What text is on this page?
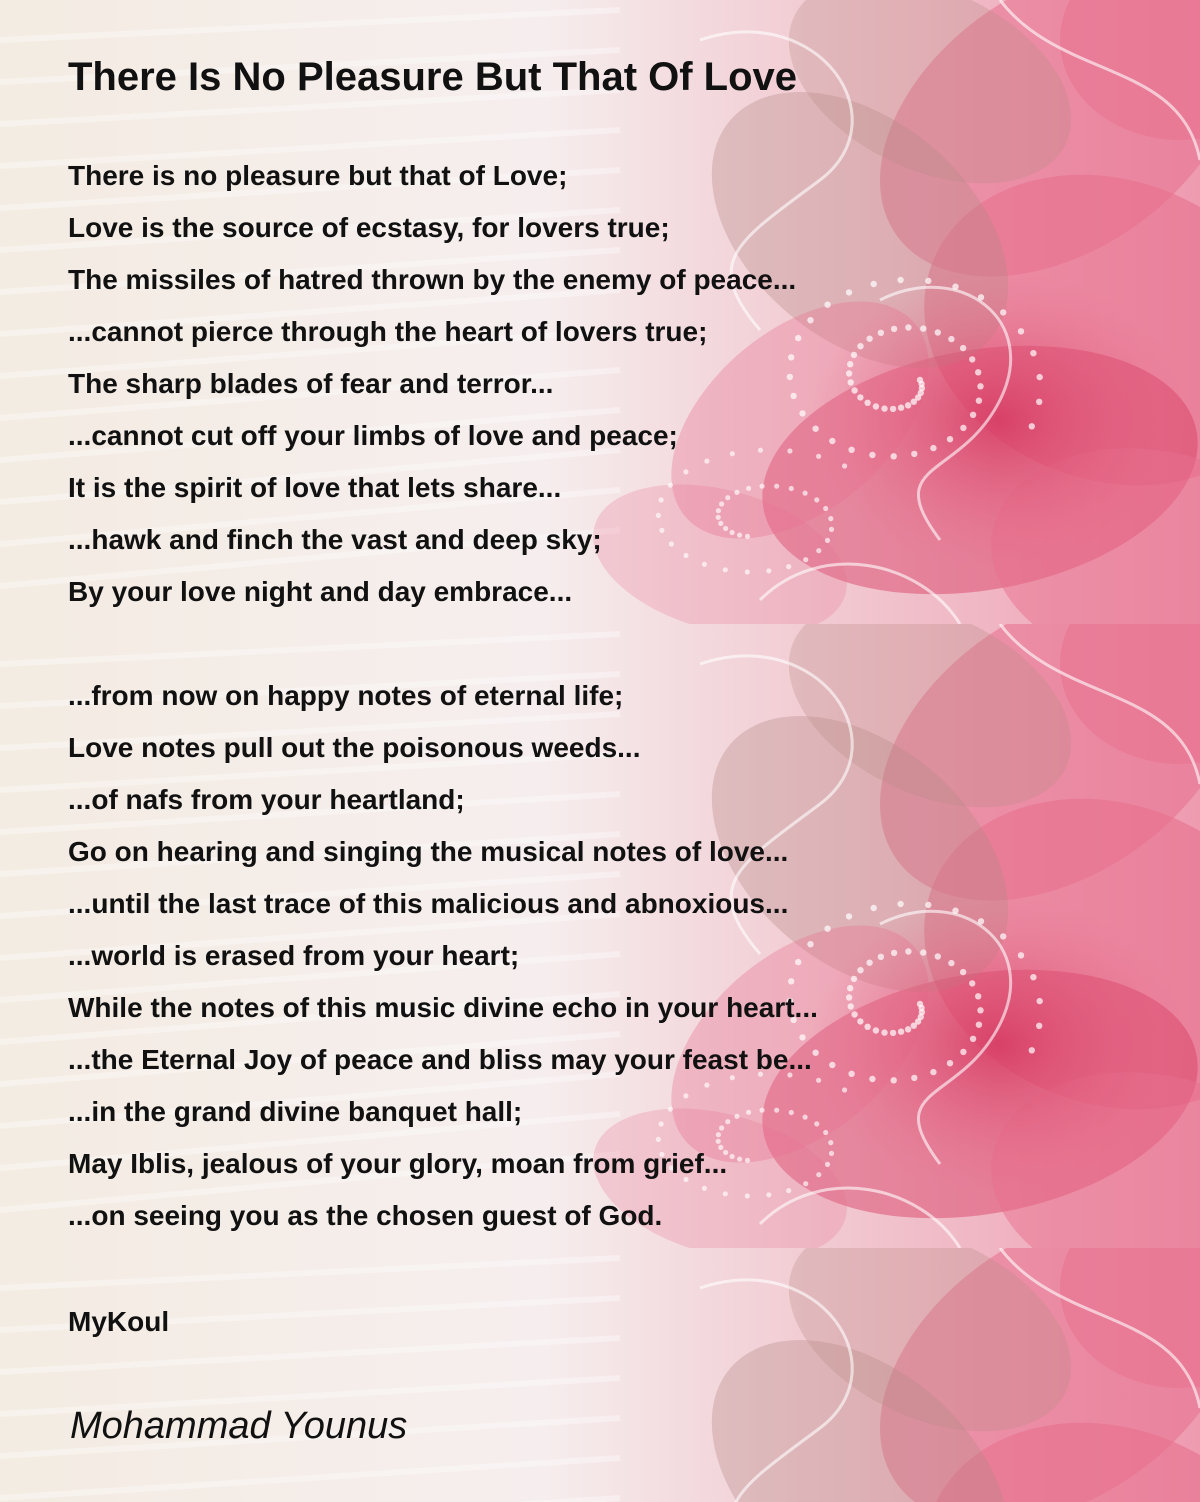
There Is No Pleasure But That Of Love
There is no pleasure but that of Love;
Love is the source of ecstasy, for lovers true;
The missiles of hatred thrown by the enemy of peace...
...cannot pierce through the heart of lovers true;
The sharp blades of fear and terror...
...cannot cut off your limbs of love and peace;
It is the spirit of love that lets share...
...hawk and finch the vast and deep sky;
By your love night and day embrace...
...from now on happy notes of eternal life;
Love notes pull out the poisonous weeds...
...of nafs from your heartland;
Go on hearing and singing the musical notes of love...
...until the last trace of this malicious and abnoxious...
...world is erased from your heart;
While the notes of this music divine echo in your heart...
...the Eternal Joy of peace and bliss may your feast be...
...in the grand divine banquet hall;
May Iblis, jealous of your glory, moan from grief...
...on seeing you as the chosen guest of God.
MyKoul
Mohammad Younus
